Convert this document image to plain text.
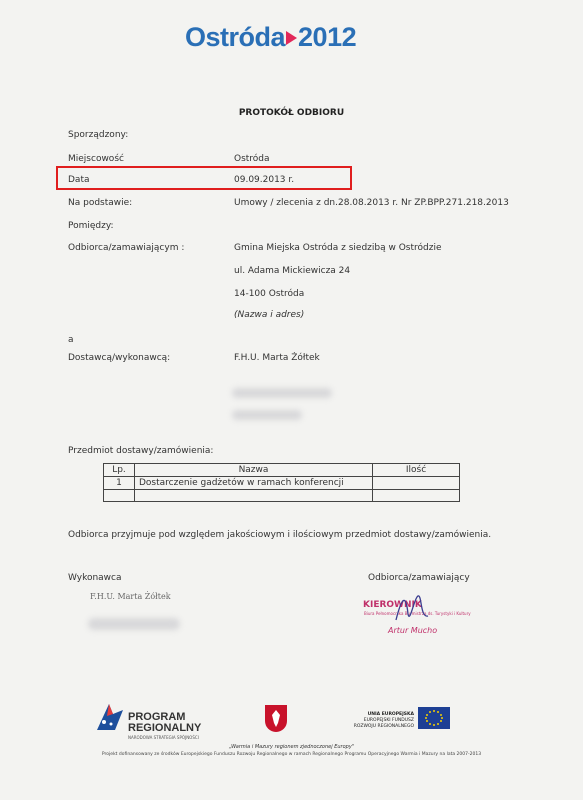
Ostróda 2012
PROTOKÓŁ ODBIORU
Sporządzony:
Miejscowość	Ostróda
Data	09.09.2013 r.
Na podstawie:	Umowy / zlecenia z dn.28.08.2013 r. Nr ZP.BPP.271.218.2013
Pomiędzy:
Odbiorca/zamawiającym :	Gmina Miejska Ostróda z siedzibą w Ostródzie
ul. Adama Mickiewicza 24
14-100 Ostróda
(Nazwa i adres)
a
Dostawcą/wykonawcą:	F.H.U. Marta Żółtek
Przedmiot dostawy/zamówienia:
Lp.	Nazwa	Ilość
1	Dostarczenie gadżetów w ramach konferencji	

Odbiorca przyjmuje pod względem jakościowym i ilościowym przedmiot dostawy/zamówienia.
Wykonawca	Odbiorca/zamawiający
F.H.U. Marta Żółtek
KIEROWNIK
Biura Pełnomocnika Burmistrza ds. Turystyki i Kultury
Artur Mucho
PROGRAM
REGIONALNY
NARODOWA STRATEGIA SPÓJNOŚCI
UNIA EUROPEJSKA
EUROPEJSKI FUNDUSZ
ROZWOJU REGIONALNEGO
„Warmia i Mazury regionem zjednoczonej Europy"
Projekt dofinansowany ze środków Europejskiego Funduszu Rozwoju Regionalnego w ramach Regionalnego Programu Operacyjnego Warmia i Mazury na lata 2007-2013
